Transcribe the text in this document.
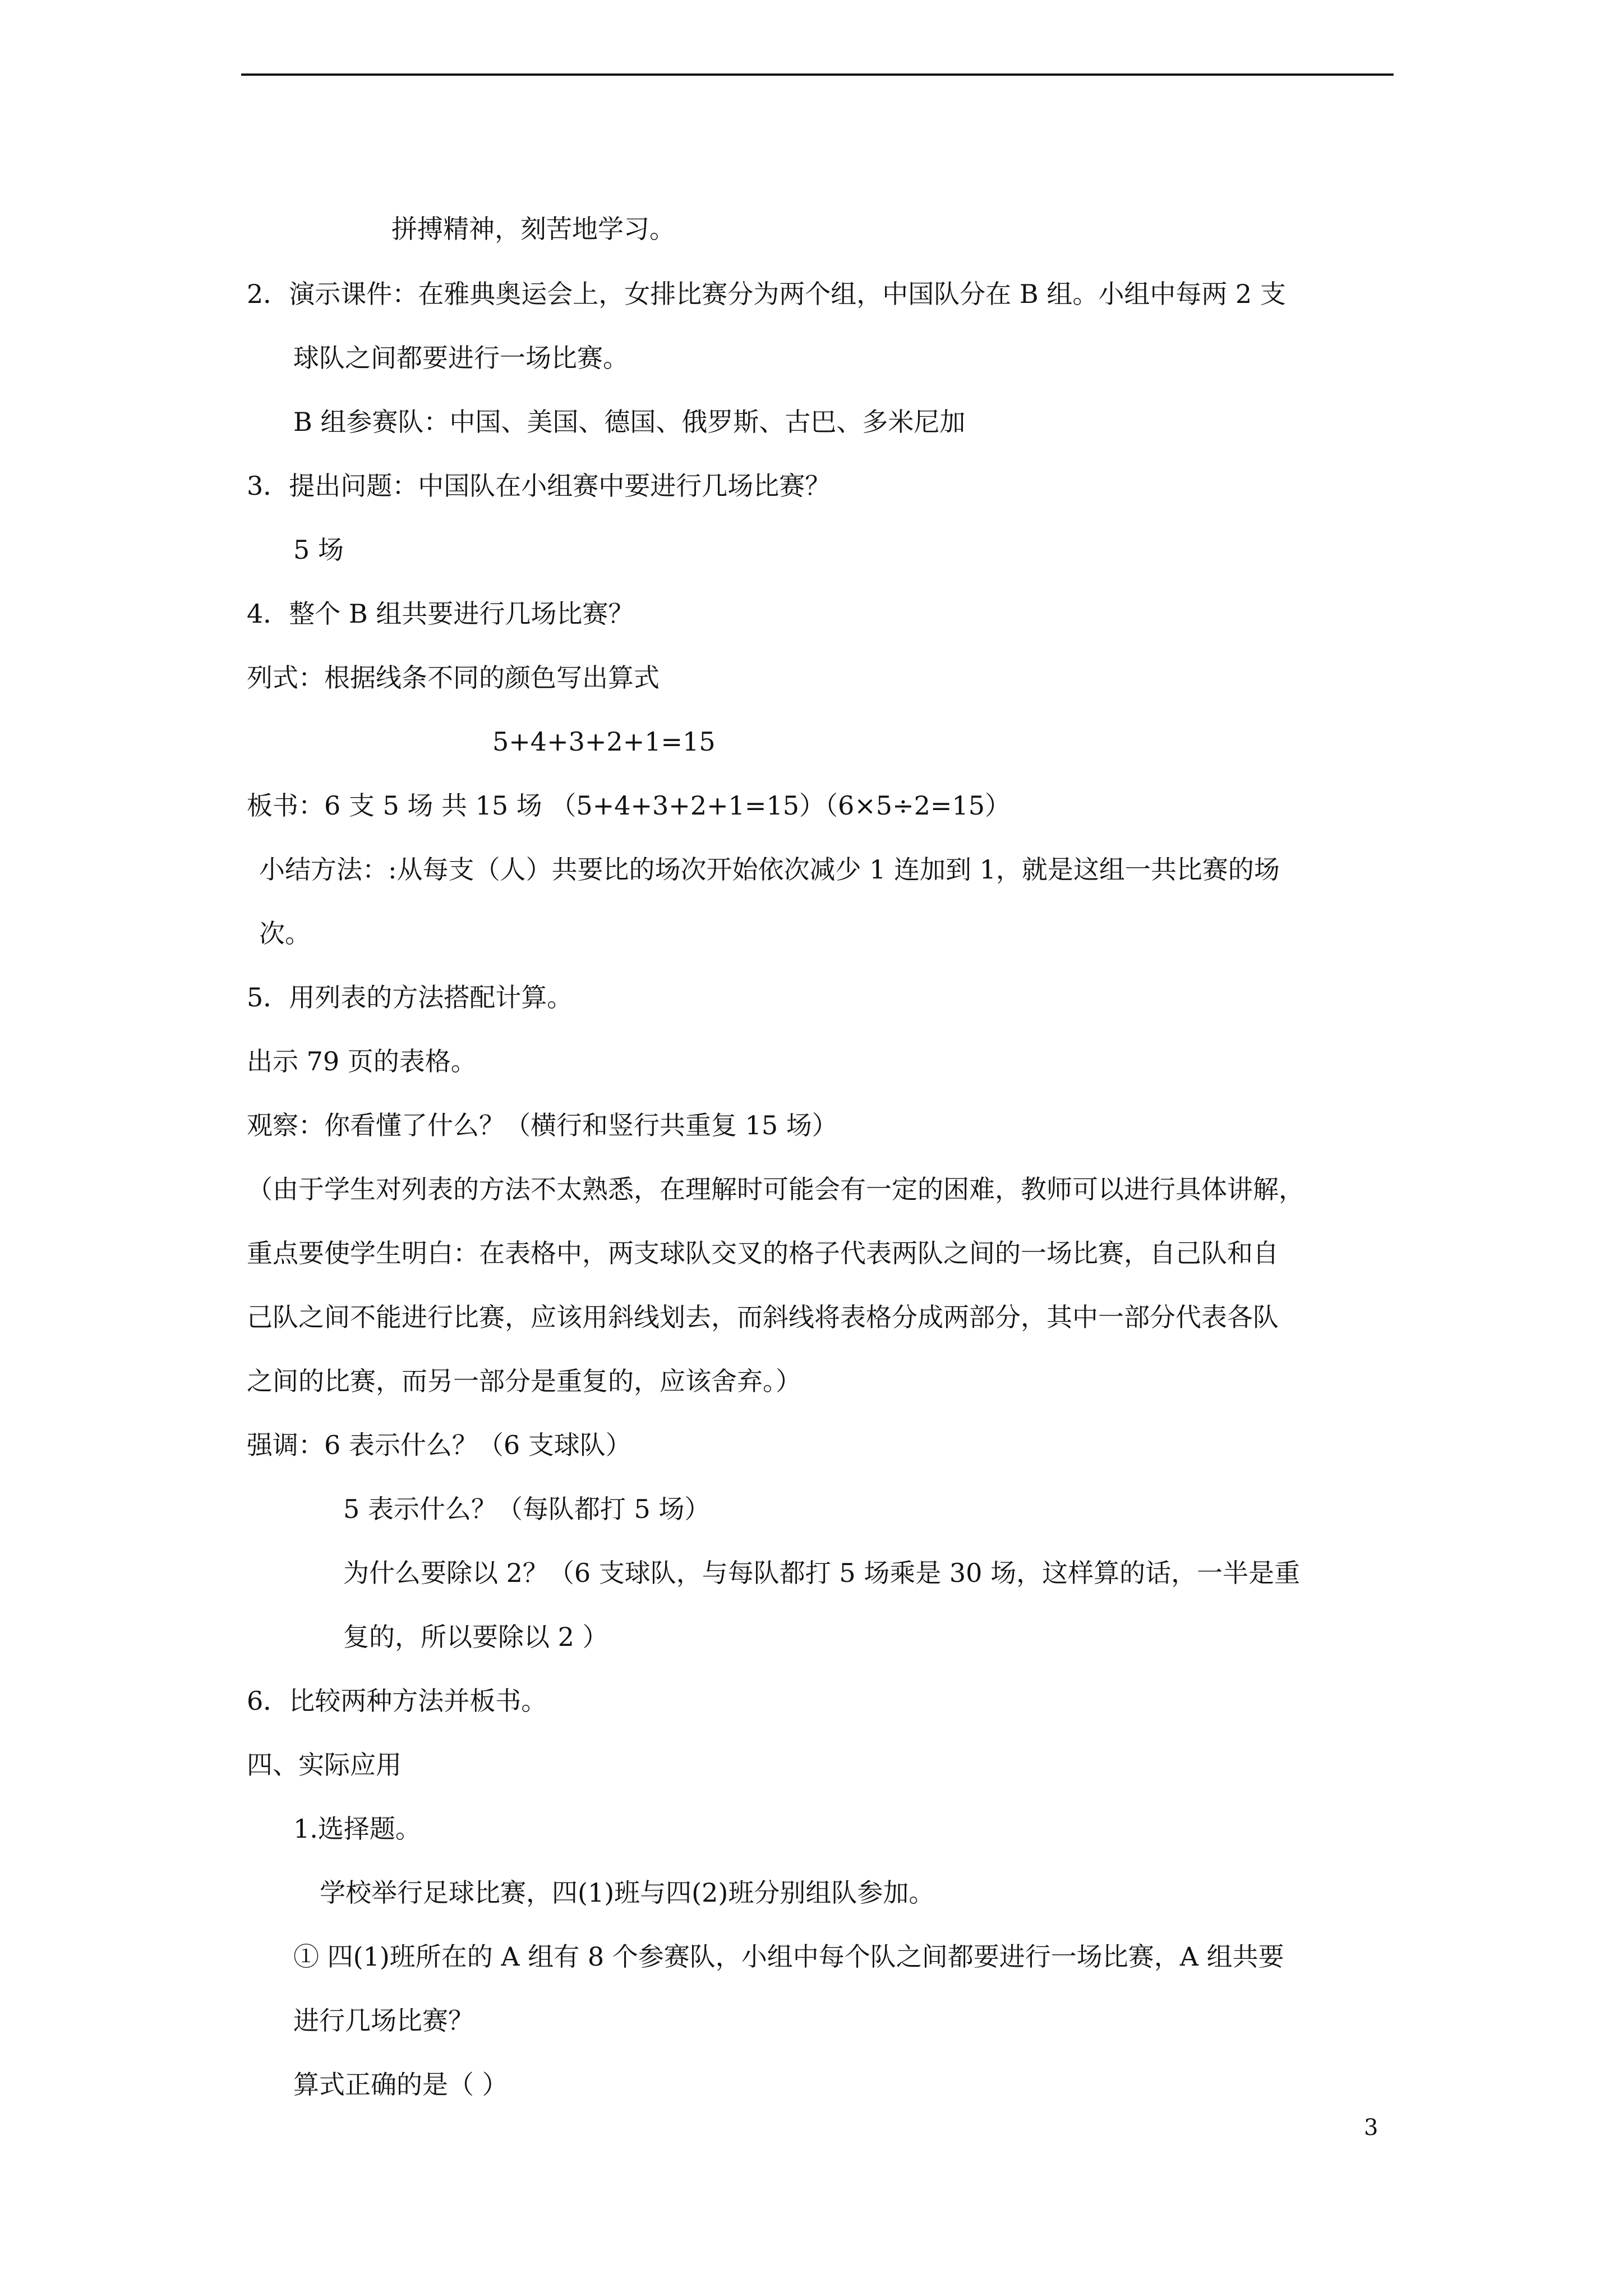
拼搏精神，刻苦地学习。
2．演示课件：在雅典奥运会上，女排比赛分为两个组，中国队分在 B 组。小组中每两 2 支
球队之间都要进行一场比赛。
B 组参赛队：中国、美国、德国、俄罗斯、古巴、多米尼加
3．提出问题：中国队在小组赛中要进行几场比赛？
5 场
4．整个 B 组共要进行几场比赛？
列式：根据线条不同的颜色写出算式
5+4+3+2+1=15
板书：6 支 5 场 共 15 场 （5+4+3+2+1=15）（6×5÷2=15）
小结方法：:从每支（人）共要比的场次开始依次减少 1 连加到 1，就是这组一共比赛的场
次。
5．用列表的方法搭配计算。
出示 79 页的表格。
观察：你看懂了什么？（横行和竖行共重复 15 场）
（由于学生对列表的方法不太熟悉，在理解时可能会有一定的困难，教师可以进行具体讲解，
重点要使学生明白：在表格中，两支球队交叉的格子代表两队之间的一场比赛，自己队和自
己队之间不能进行比赛，应该用斜线划去，而斜线将表格分成两部分，其中一部分代表各队
之间的比赛，而另一部分是重复的，应该舍弃。）
强调：6 表示什么？（6 支球队）
5 表示什么？（每队都打 5 场）
为什么要除以 2？（6 支球队，与每队都打 5 场乘是 30 场，这样算的话，一半是重
复的，所以要除以 2 ）
6．比较两种方法并板书。
四、实际应用
1.选择题。
学校举行足球比赛，四(1)班与四(2)班分别组队参加。
① 四(1)班所在的 A 组有 8 个参赛队，小组中每个队之间都要进行一场比赛，A 组共要
进行几场比赛？
算式正确的是（ ）
3
